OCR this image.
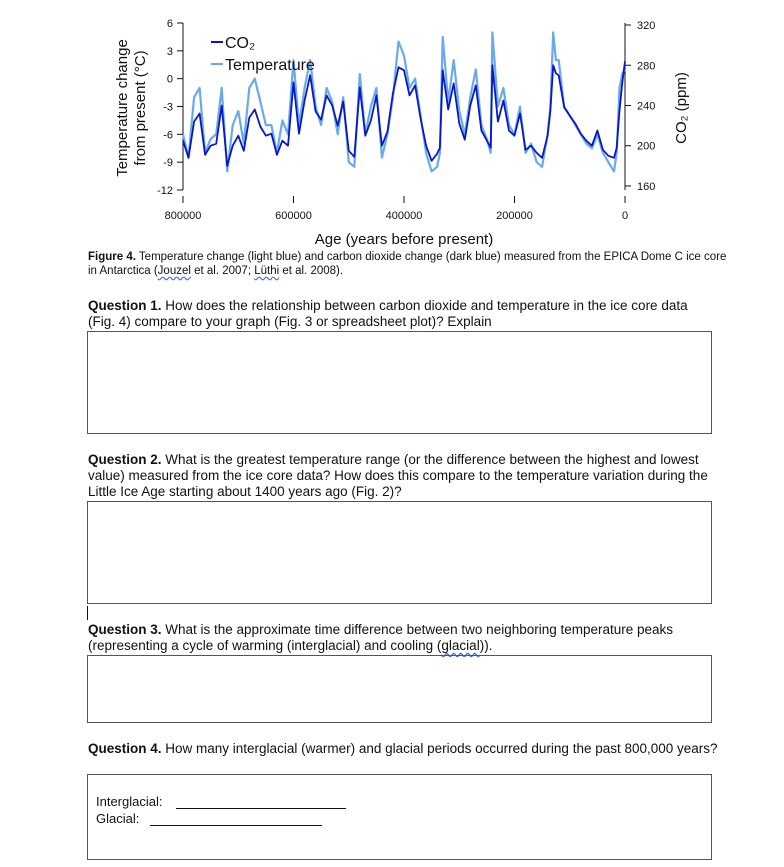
6
3
0
-3
-6
-9
-12
320
280
240
200
160
800000	600000	400000	200000	0
Age (years before present)
Temperature change from present (°C)	CO₂ (ppm)
CO₂
Temperature
Figure 4. Temperature change (light blue) and carbon dioxide change (dark blue) measured from the EPICA Dome C ice core in Antarctica (Jouzel et al. 2007; Lüthi et al. 2008).
Question 1. How does the relationship between carbon dioxide and temperature in the ice core data (Fig. 4) compare to your graph (Fig. 3 or spreadsheet plot)? Explain
Question 2. What is the greatest temperature range (or the difference between the highest and lowest value) measured from the ice core data? How does this compare to the temperature variation during the Little Ice Age starting about 1400 years ago (Fig. 2)?
Question 3. What is the approximate time difference between two neighboring temperature peaks (representing a cycle of warming (interglacial) and cooling (glacial)).
Question 4. How many interglacial (warmer) and glacial periods occurred during the past 800,000 years?
Interglacial:
Glacial:
